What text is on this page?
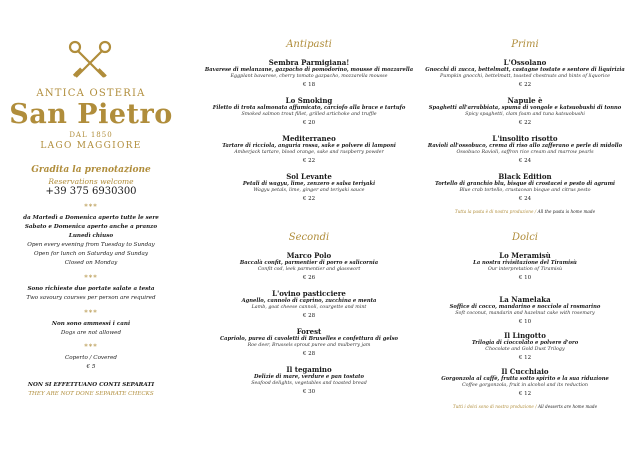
ANTICA OSTERIA
San Pietro
DAL 1850
LAGO MAGGIORE
Gradita la prenotazione
Reservations welcome
+39 375 6930300
***
da Martedì a Domenica aperto tutte le sere
Sabato e Domenica aperto anche a pranzo
Lunedì chiuso
Open every evening from Tuesday to Sunday
Open for lunch on Saturday and Sunday
Closed on Monday
***
Sono richieste due portate salate a testa
Two savoury courses per person are required
***
Non sono ammessi i cani
Dogs are not allowed
***
Coperto / Covered
€ 5
NON SI EFFETTUANO CONTI SEPARATI
THEY ARE NOT DONE SEPARATE CHECKS
Antipasti
Sembra Parmigiana!
Bavarese di melanzane, gazpacho di pomodorino, mousse di mozzarella
Eggplant bavarese, cherry tomato gazpacho, mozzarella mousse
€ 18
Lo Smoking
Filetto di trota salmonata affumicato, carciofo alla brace e tartufo
Smoked salmon trout fillet, grilled artichoke and truffle
€ 20
Mediterraneo
Tartare di ricciola, anguria rossa, sake e polvere di lamponi
Amberjack tartare, blood orange, sake and raspberry powder
€ 22
Sol Levante
Petali di wagyu, lime, zenzero e salsa teriyaki
Wagyu petals, lime, ginger and teriyaki sauce
€ 22
Secondi
Marco Polo
Baccalà confit, parmentier di porro e salicornia
Confit cod, leek parmentier and glasswort
€ 26
L'ovino pasticciere
Agnello, cannolo di caprino, zucchina e menta
Lamb, goat cheese cannoli, courgette and mint
€ 28
Forest
Capriolo, purea di cavoletti di Bruxelles e confettura di gelso
Roe deer, Brussels sprout puree and mulberry jam
€ 28
Il tegamino
Delizie di mare, verdure e pan tostato
Seafood delights, vegetables and toasted bread
€ 30
Primi
L'Ossolano
Gnocchi di zucca, bettelmatt, castagne tostate e sentore di liquirizia
Pumpkin gnocchi, bettelmatt, toasted chestnuts and hints of liquorice
€ 22
Napule è
Spaghetti all'arrabbiata, spuma di vongole e katsuobushi di tonno
Spicy spaghetti, clam foam and tuna katsuobushi
€ 22
L'insolito risotto
Ravioli all'ossobuco, crema di riso allo zafferano e perle di midollo
Ossobuco Ravioli, saffron rice cream and marrow pearls
€ 24
Black Edition
Tortello di granchio blu, bisque di crostacei e pesto di agrumi
Blue crab tortello, crustacean bisque and citrus pesto
€ 24
Tutta la pasta è di nostra produzione / All the pasta is home made
Dolci
Lo Meramisù
La nostra rivisitazione del Tiramisù
Our interpretation of Tiramisù
€ 10
La Namelaka
Soffice di cocco, mandarino e nocciole al rosmarino
Soft coconut, mandarin and hazelnut cake with rosemary
€ 10
Il Lingotto
Trilogia di cioccolato e polvere d'oro
Chocolate and Gold Dust Trilogy
€ 12
Il Cucchiaio
Gorgonzola al caffè, frutta sotto spirito e la sua riduzione
Coffee gorgonzola, fruit in alcohol and its reduction
€ 12
Tutti i dolci sono di nostra produzione / All desserts are home made
